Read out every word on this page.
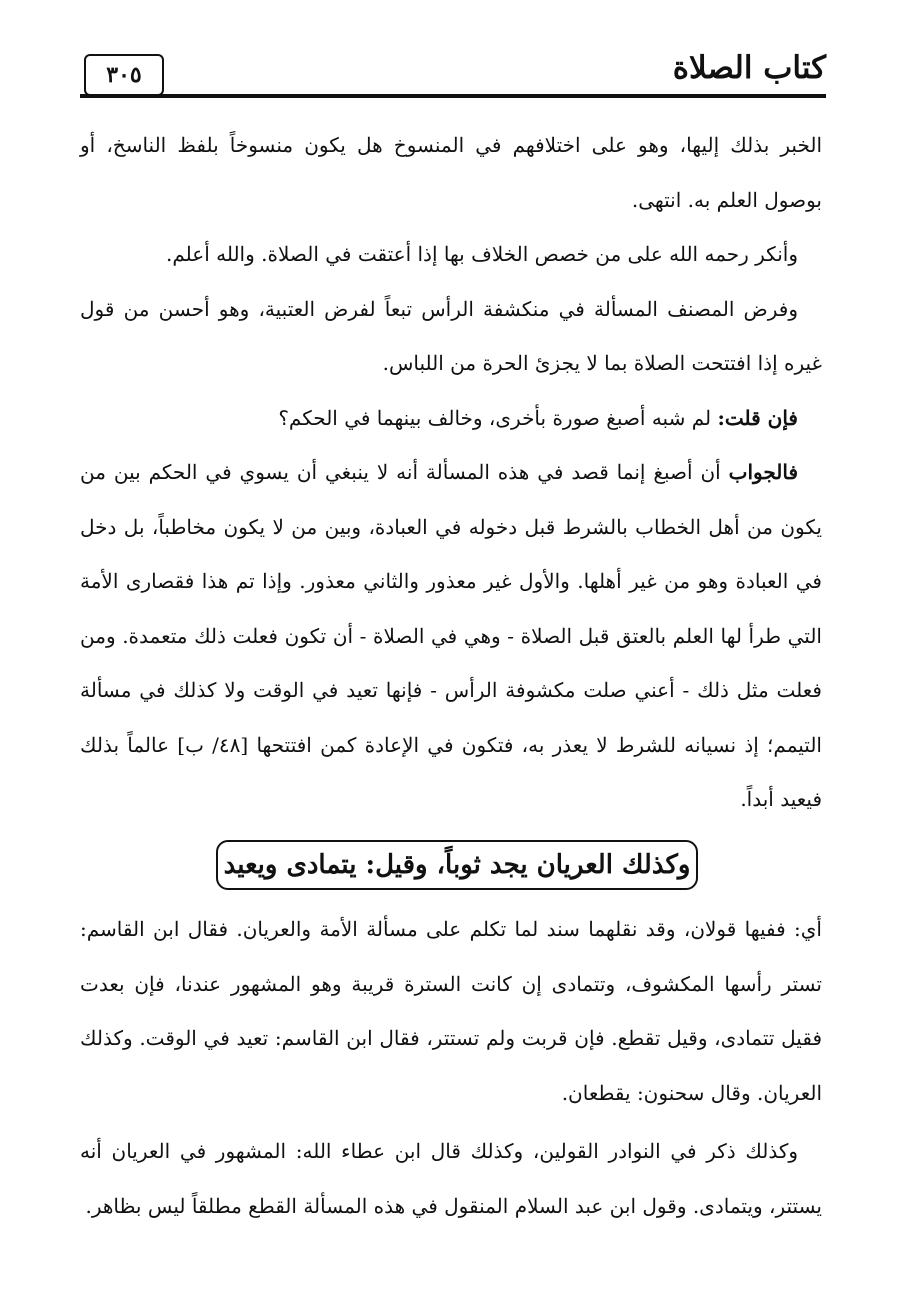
كتاب الصلاة
٣٠٥

الخبر بذلك إليها، وهو على اختلافهم في المنسوخ هل يكون منسوخاً بلفظ الناسخ، أو بوصول العلم به. انتهى.

وأنكر رحمه الله على من خصص الخلاف بها إذا أعتقت في الصلاة. والله أعلم.

وفرض المصنف المسألة في منكشفة الرأس تبعاً لفرض العتبية، وهو أحسن من قول غيره إذا افتتحت الصلاة بما لا يجزئ الحرة من اللباس.

فإن قلت: لم شبه أصبغ صورة بأخرى، وخالف بينهما في الحكم؟

فالجواب أن أصبغ إنما قصد في هذه المسألة أنه لا ينبغي أن يسوي في الحكم بين من يكون من أهل الخطاب بالشرط قبل دخوله في العبادة، وبين من لا يكون مخاطباً، بل دخل في العبادة وهو من غير أهلها. والأول غير معذور والثاني معذور. وإذا تم هذا فقصارى الأمة التي طرأ لها العلم بالعتق قبل الصلاة - وهي في الصلاة - أن تكون فعلت ذلك متعمدة. ومن فعلت مثل ذلك - أعني صلت مكشوفة الرأس - فإنها تعيد في الوقت ولا كذلك في مسألة التيمم؛ إذ نسيانه للشرط لا يعذر به، فتكون في الإعادة كمن افتتحها [٤٨/ ب] عالماً بذلك فيعيد أبداً.

وكذلك العريان يجد ثوباً، وقيل: يتمادى ويعيد

أي: ففيها قولان، وقد نقلهما سند لما تكلم على مسألة الأمة والعريان. فقال ابن القاسم: تستر رأسها المكشوف، وتتمادى إن كانت السترة قريبة وهو المشهور عندنا، فإن بعدت فقيل تتمادى، وقيل تقطع. فإن قربت ولم تستتر، فقال ابن القاسم: تعيد في الوقت. وكذلك العريان. وقال سحنون: يقطعان.

وكذلك ذكر في النوادر القولين، وكذلك قال ابن عطاء الله: المشهور في العريان أنه يستتر، ويتمادى. وقول ابن عبد السلام المنقول في هذه المسألة القطع مطلقاً ليس بظاهر.
